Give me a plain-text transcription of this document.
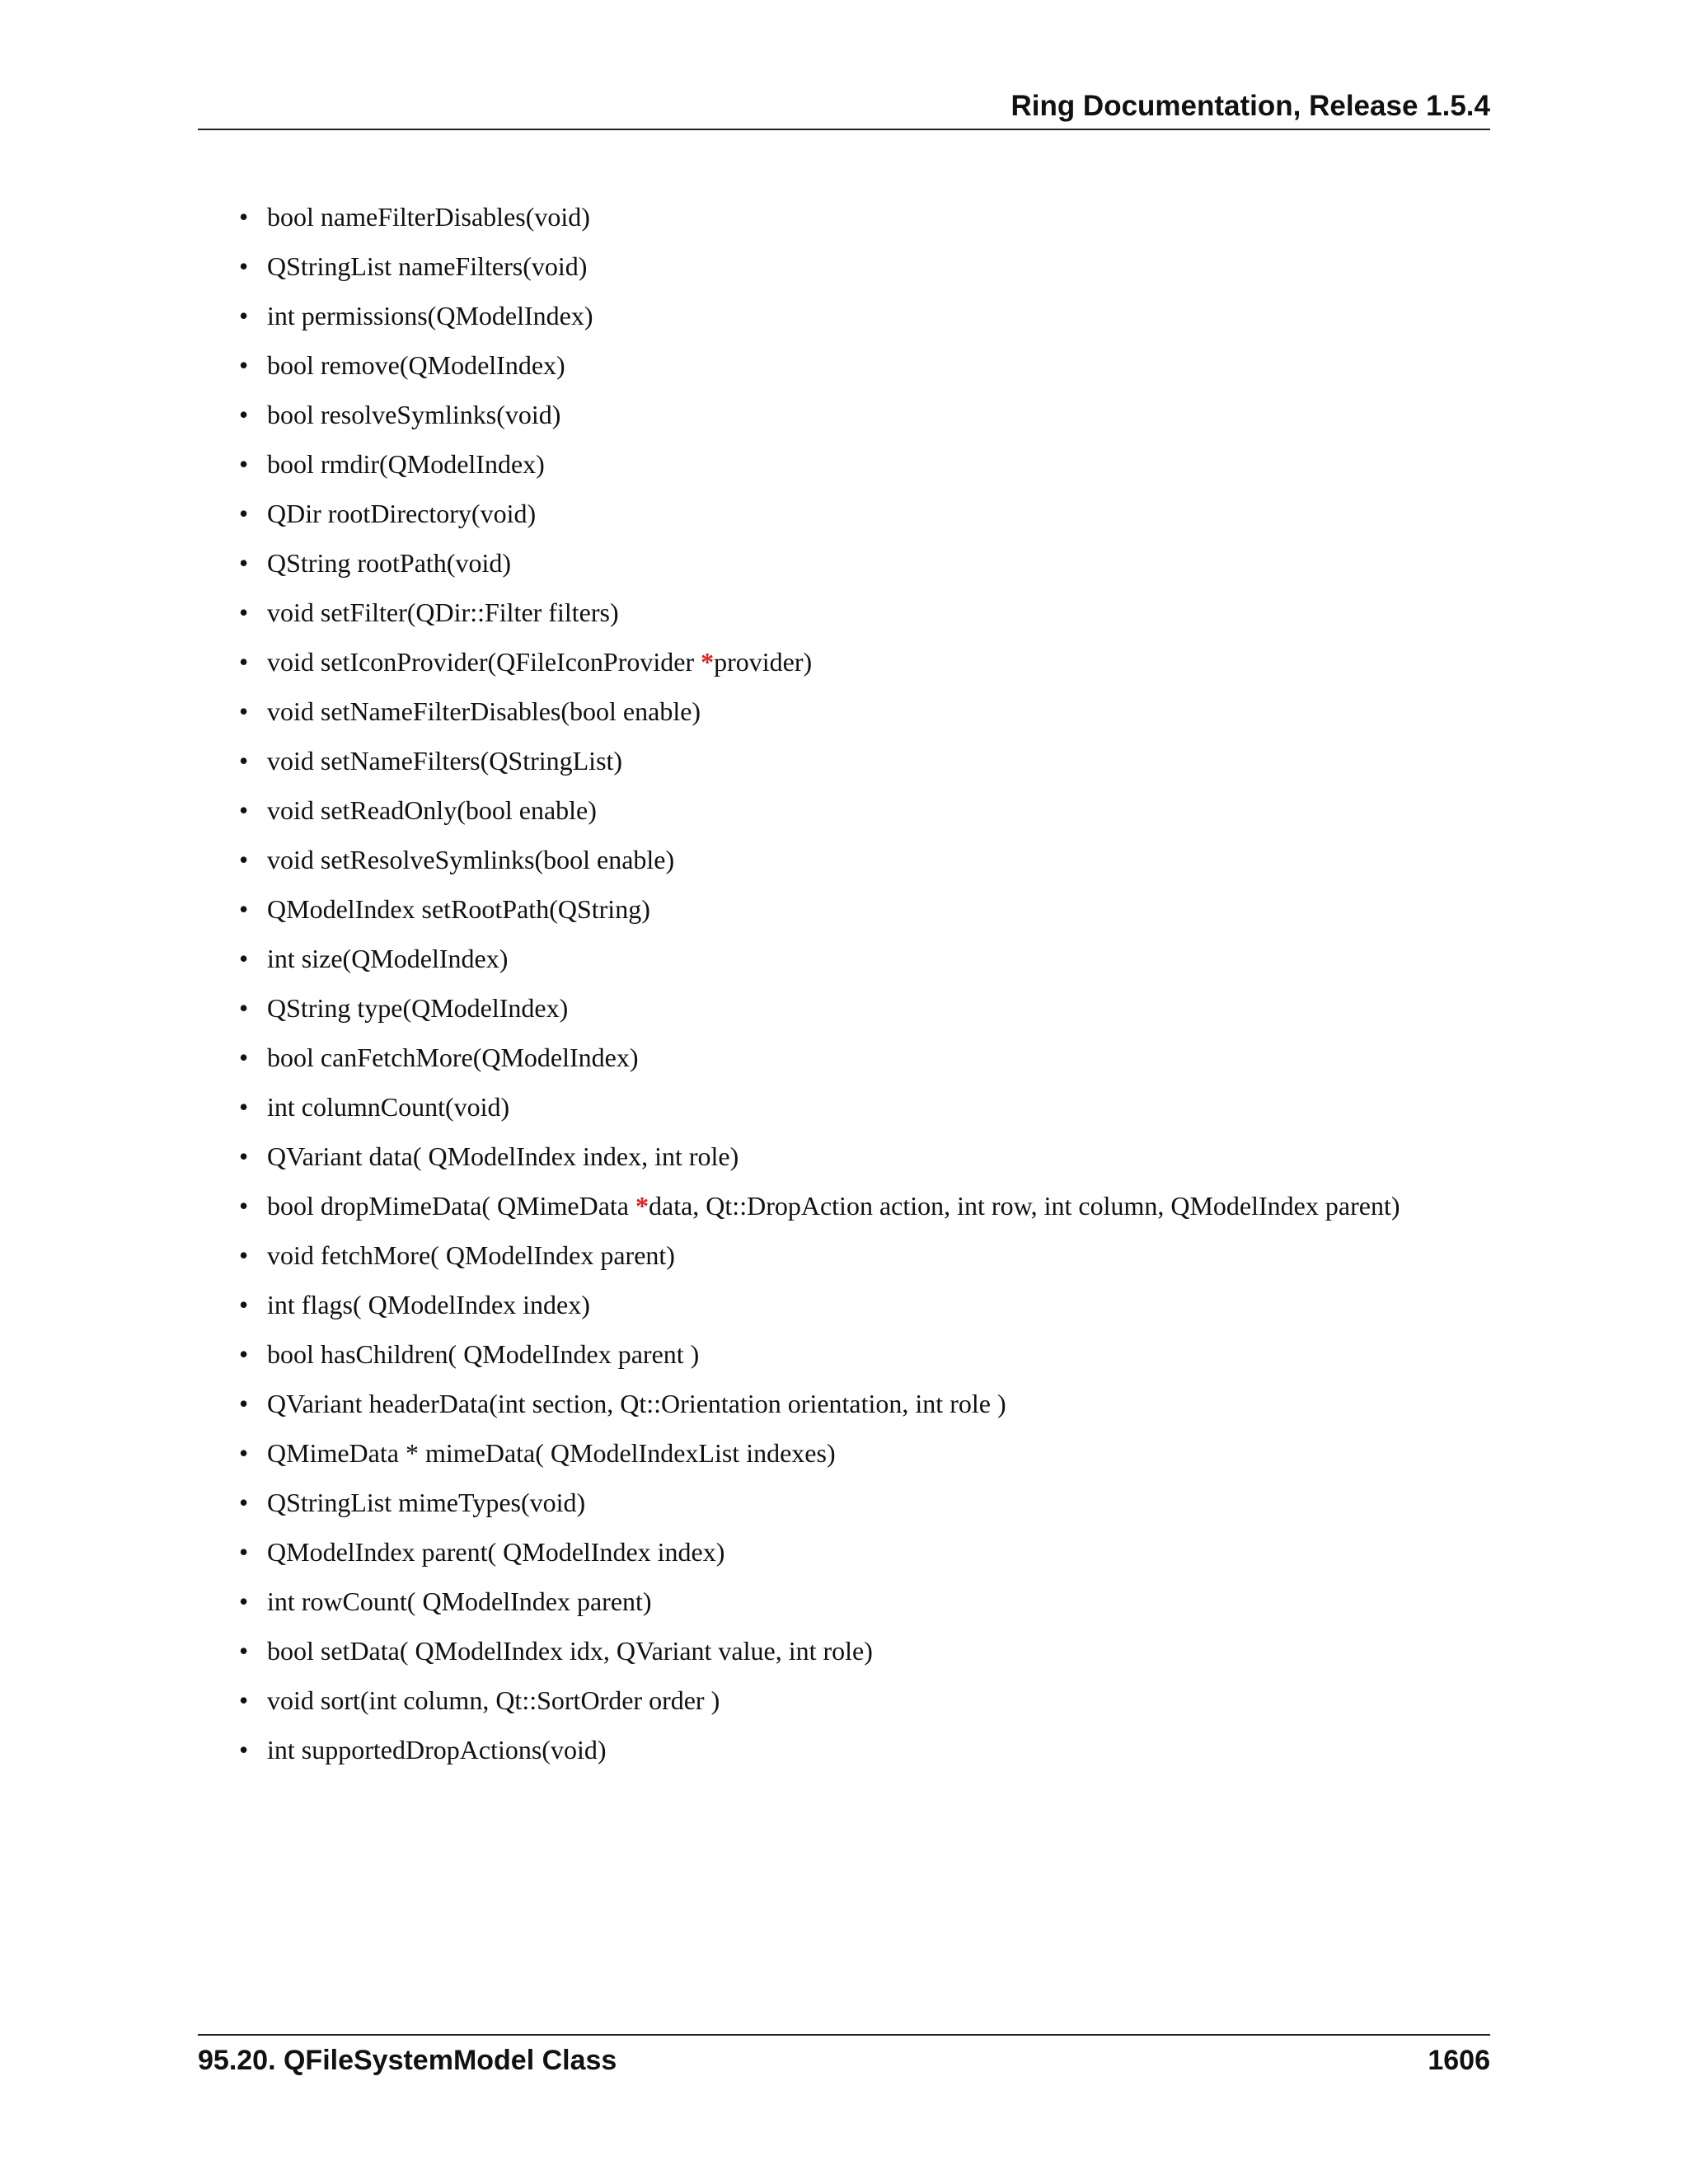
Ring Documentation, Release 1.5.4
• bool nameFilterDisables(void)
• QStringList nameFilters(void)
• int permissions(QModelIndex)
• bool remove(QModelIndex)
• bool resolveSymlinks(void)
• bool rmdir(QModelIndex)
• QDir rootDirectory(void)
• QString rootPath(void)
• void setFilter(QDir::Filter filters)
• void setIconProvider(QFileIconProvider *provider)
• void setNameFilterDisables(bool enable)
• void setNameFilters(QStringList)
• void setReadOnly(bool enable)
• void setResolveSymlinks(bool enable)
• QModelIndex setRootPath(QString)
• int size(QModelIndex)
• QString type(QModelIndex)
• bool canFetchMore(QModelIndex)
• int columnCount(void)
• QVariant data( QModelIndex index, int role)
• bool dropMimeData( QMimeData *data, Qt::DropAction action, int row, int column, QModelIndex parent)
• void fetchMore( QModelIndex parent)
• int flags( QModelIndex index)
• bool hasChildren( QModelIndex parent )
• QVariant headerData(int section, Qt::Orientation orientation, int role )
• QMimeData * mimeData( QModelIndexList indexes)
• QStringList mimeTypes(void)
• QModelIndex parent( QModelIndex index)
• int rowCount( QModelIndex parent)
• bool setData( QModelIndex idx, QVariant value, int role)
• void sort(int column, Qt::SortOrder order )
• int supportedDropActions(void)
95.20. QFileSystemModel Class	1606
